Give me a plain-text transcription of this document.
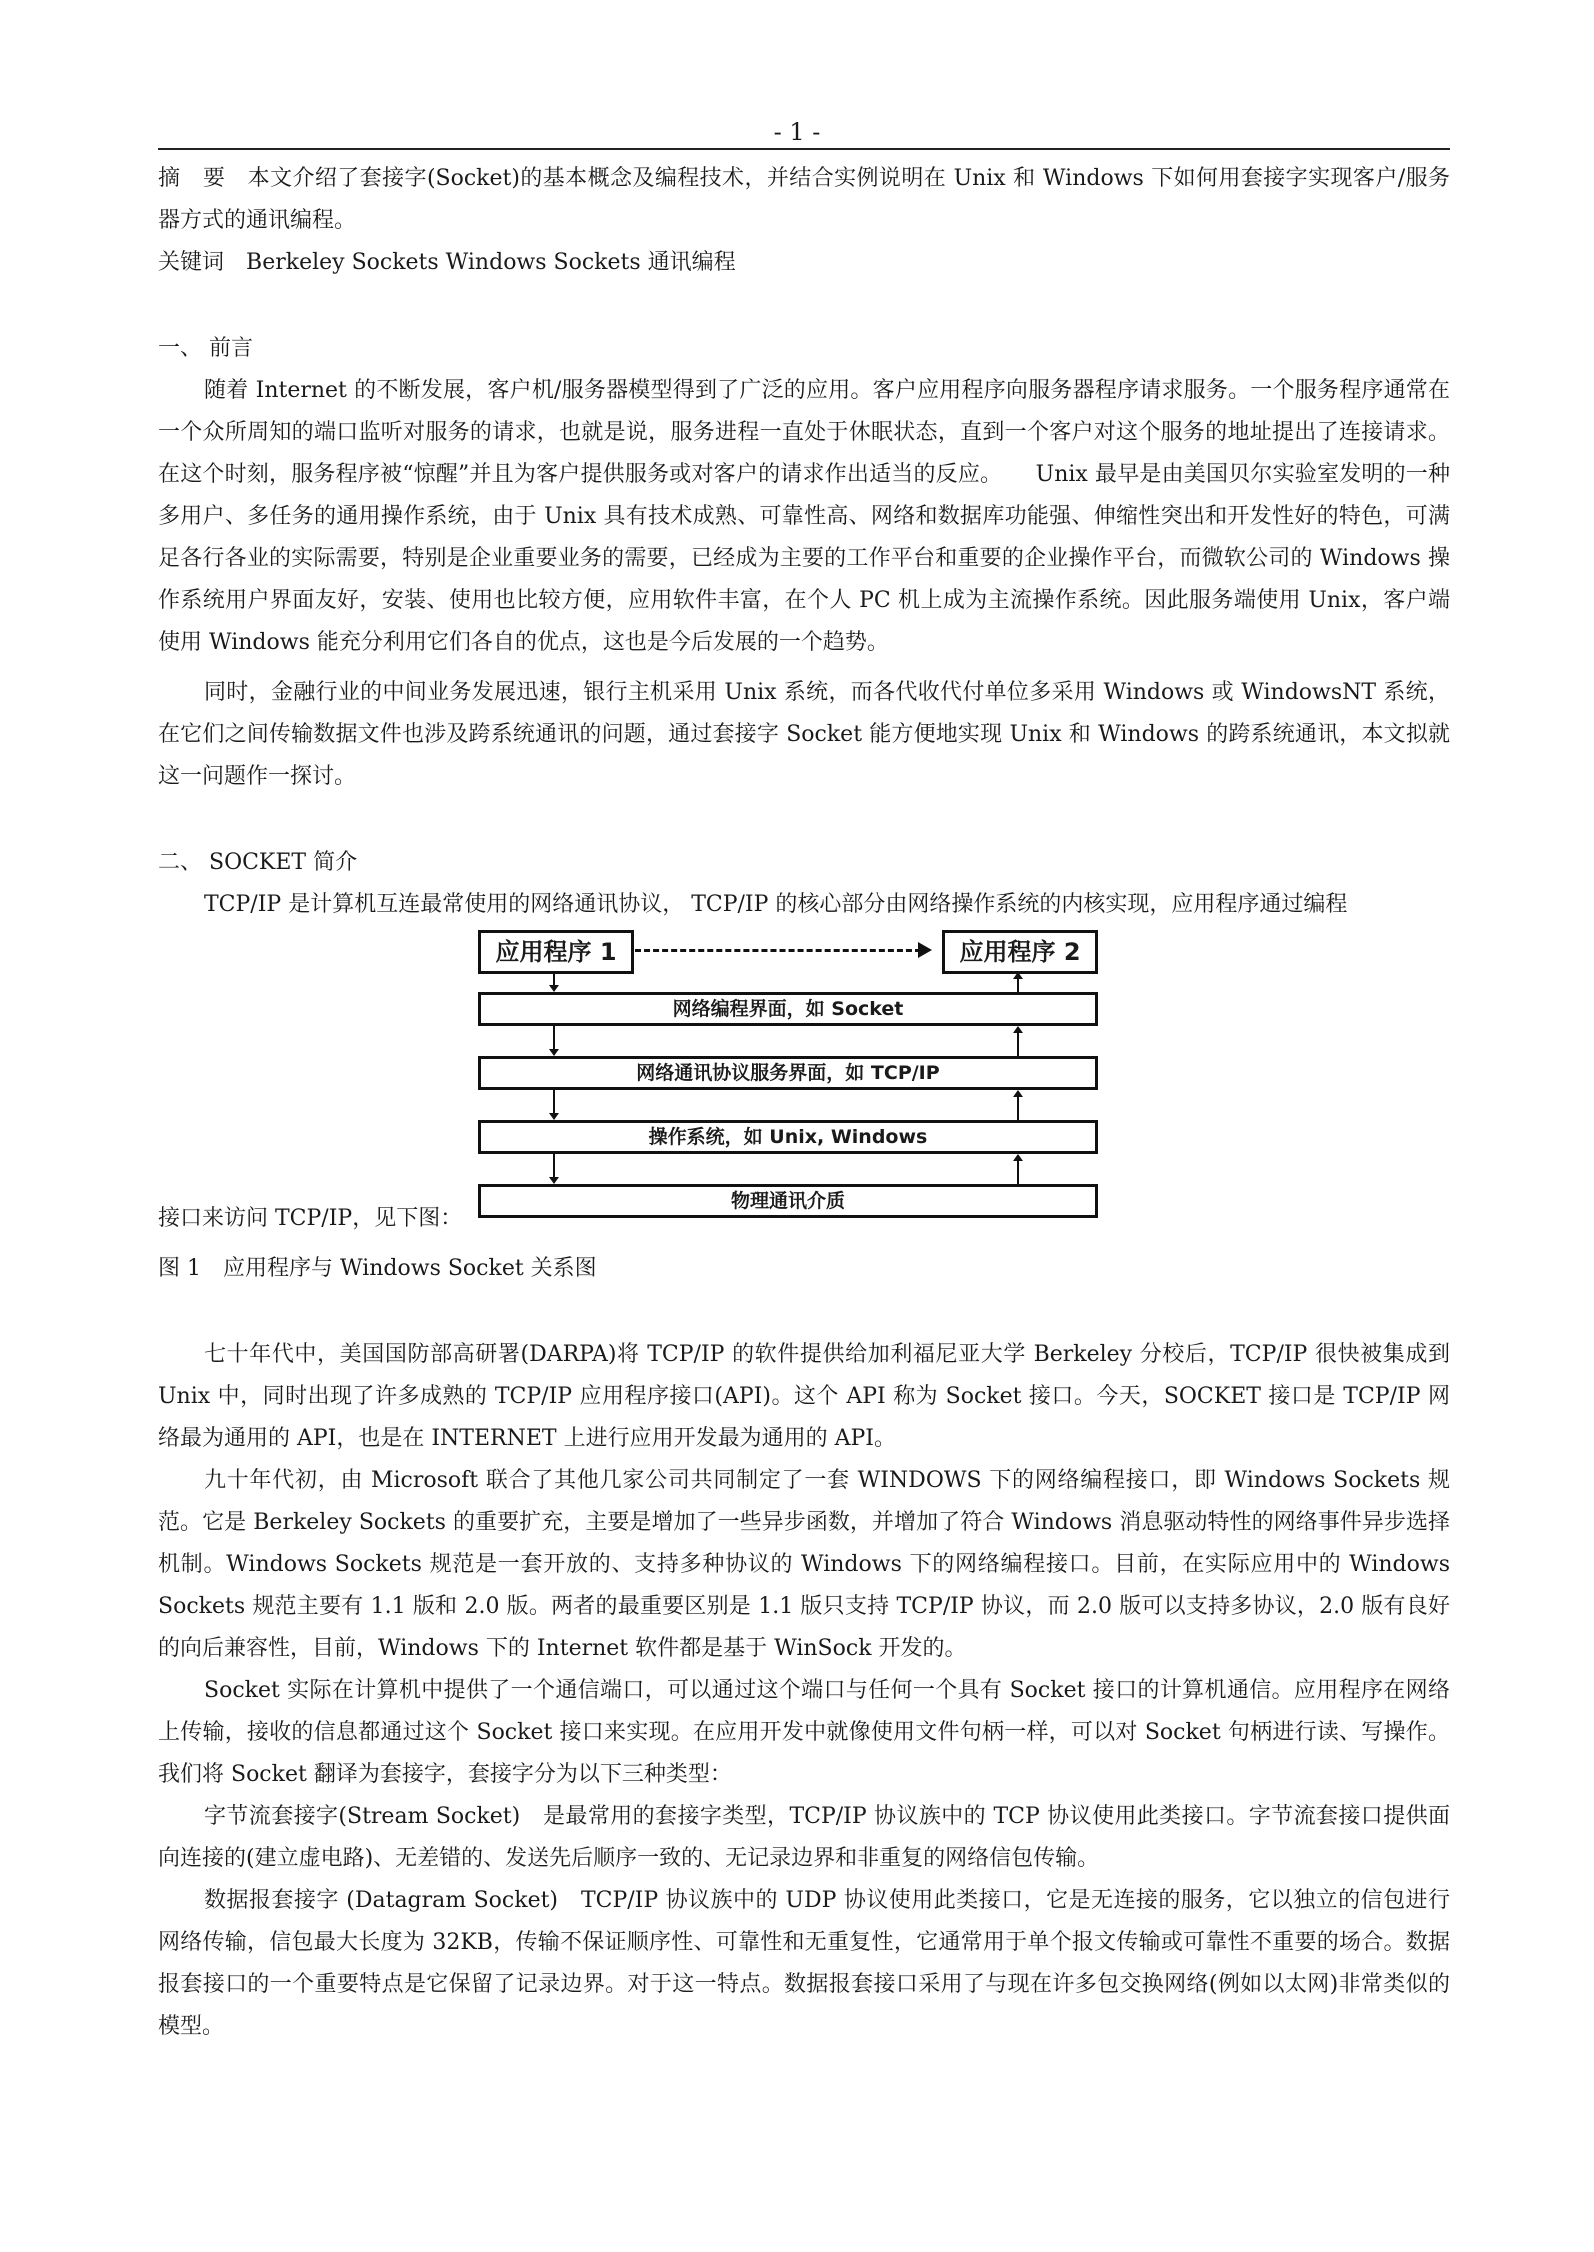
- 1 -

摘　要　 本文介绍了套接字(Socket)的基本概念及编程技术，并结合实例说明在 Unix 和 Windows 下如何用套接字实现客户/服务器方式的通讯编程。

关键词　 Berkeley Sockets Windows Sockets 通讯编程

一、 前言

随着 Internet 的不断发展，客户机/服务器模型得到了广泛的应用。客户应用程序向服务器程序请求服务。一个服务程序通常在一个众所周知的端口监听对服务的请求，也就是说，服务进程一直处于休眠状态，直到一个客户对这个服务的地址提出了连接请求。在这个时刻，服务程序被“惊醒”并且为客户提供服务或对客户的请求作出适当的反应。　　Unix 最早是由美国贝尔实验室发明的一种多用户、多任务的通用操作系统，由于 Unix 具有技术成熟、可靠性高、网络和数据库功能强、伸缩性突出和开发性好的特色，可满足各行各业的实际需要，特别是企业重要业务的需要，已经成为主要的工作平台和重要的企业操作平台，而微软公司的 Windows 操作系统用户界面友好，安装、使用也比较方便，应用软件丰富，在个人 PC 机上成为主流操作系统。因此服务端使用 Unix，客户端使用 Windows 能充分利用它们各自的优点，这也是今后发展的一个趋势。

同时，金融行业的中间业务发展迅速，银行主机采用 Unix 系统，而各代收代付单位多采用 Windows 或 WindowsNT 系统，在它们之间传输数据文件也涉及跨系统通讯的问题，通过套接字 Socket 能方便地实现 Unix 和 Windows 的跨系统通讯，本文拟就这一问题作一探讨。

二、 SOCKET 简介

TCP/IP 是计算机互连最常使用的网络通讯协议， TCP/IP 的核心部分由网络操作系统的内核实现，应用程序通过编程

接口来访问 TCP/IP，见下图：
应用程序 1	应用程序 2
网络编程界面，如 Socket
网络通讯协议服务界面，如 TCP/IP
操作系统，如 Unix, Windows
物理通讯介质

图 1　应用程序与 Windows Socket 关系图

七十年代中，美国国防部高研署(DARPA)将 TCP/IP 的软件提供给加利福尼亚大学 Berkeley 分校后，TCP/IP 很快被集成到 Unix 中，同时出现了许多成熟的 TCP/IP 应用程序接口(API)。这个 API 称为 Socket 接口。今天，SOCKET 接口是 TCP/IP 网络最为通用的 API，也是在 INTERNET 上进行应用开发最为通用的 API。

九十年代初，由 Microsoft 联合了其他几家公司共同制定了一套 WINDOWS 下的网络编程接口，即 Windows Sockets 规范。它是 Berkeley Sockets 的重要扩充，主要是增加了一些异步函数，并增加了符合 Windows 消息驱动特性的网络事件异步选择机制。Windows Sockets 规范是一套开放的、支持多种协议的 Windows 下的网络编程接口。目前，在实际应用中的 Windows Sockets 规范主要有 1.1 版和 2.0 版。两者的最重要区别是 1.1 版只支持 TCP/IP 协议，而 2.0 版可以支持多协议，2.0 版有良好的向后兼容性，目前，Windows 下的 Internet 软件都是基于 WinSock 开发的。

Socket 实际在计算机中提供了一个通信端口，可以通过这个端口与任何一个具有 Socket 接口的计算机通信。应用程序在网络上传输，接收的信息都通过这个 Socket 接口来实现。在应用开发中就像使用文件句柄一样，可以对 Socket 句柄进行读、写操作。我们将 Socket 翻译为套接字，套接字分为以下三种类型：

字节流套接字(Stream Socket)　是最常用的套接字类型，TCP/IP 协议族中的 TCP 协议使用此类接口。字节流套接口提供面向连接的(建立虚电路)、无差错的、发送先后顺序一致的、无记录边界和非重复的网络信包传输。

数据报套接字 (Datagram Socket)　TCP/IP 协议族中的 UDP 协议使用此类接口，它是无连接的服务，它以独立的信包进行网络传输，信包最大长度为 32KB，传输不保证顺序性、可靠性和无重复性，它通常用于单个报文传输或可靠性不重要的场合。数据报套接口的一个重要特点是它保留了记录边界。对于这一特点。数据报套接口采用了与现在许多包交换网络(例如以太网)非常类似的模型。
